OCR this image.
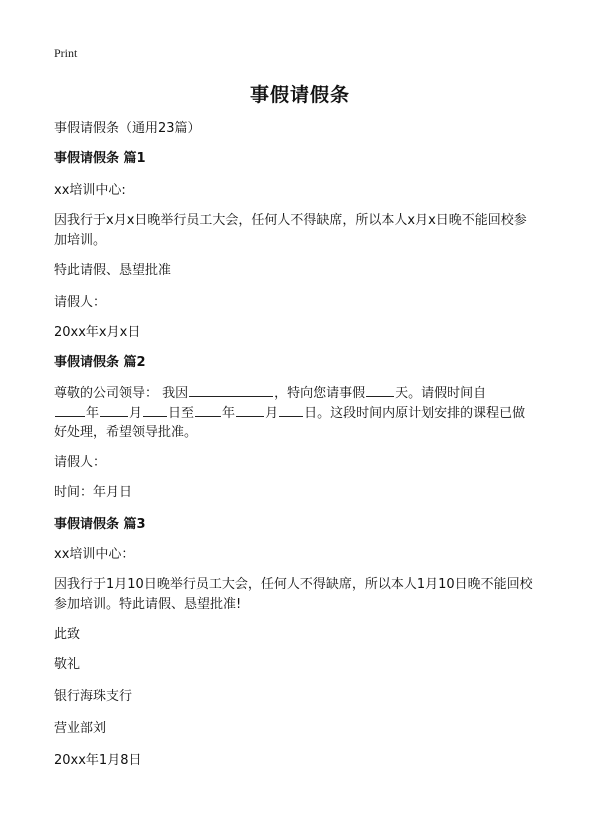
Print
事假请假条
事假请假条（通用23篇）
事假请假条 篇1
xx培训中心:
因我行于x月x日晚举行员工大会，任何人不得缺席，所以本人x月x日晚不能回校参
加培训。
特此请假、恳望批准
请假人：
20xx年x月x日
事假请假条 篇2
尊敬的公司领导： 我因	，特向您请事假 天。请假时间自
年 月 日至 年 月 日。这段时间内原计划安排的课程已做
好处理，希望领导批准。
请假人：
时间：年月日
事假请假条 篇3
xx培训中心：
因我行于1月10日晚举行员工大会，任何人不得缺席，所以本人1月10日晚不能回校
参加培训。特此请假、恳望批准!
此致
敬礼
银行海珠支行
营业部刘
20xx年1月8日
